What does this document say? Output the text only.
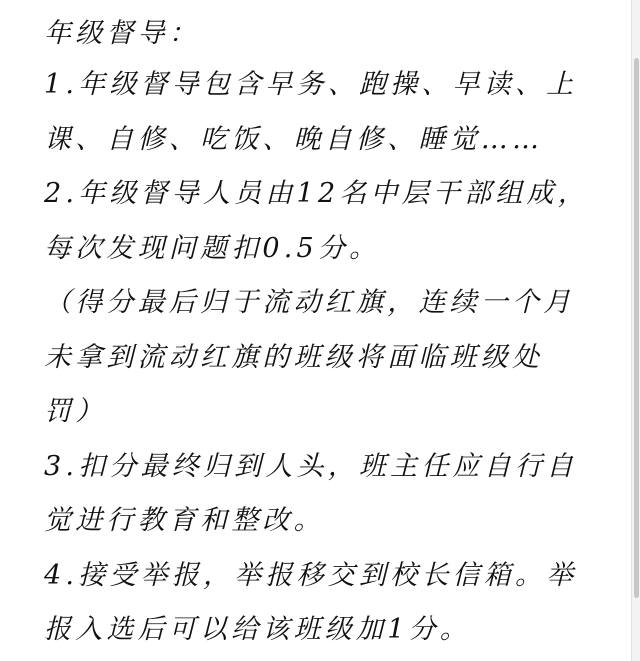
年级督导：
1.年级督导包含早务、跑操、早读、上
课、自修、吃饭、晚自修、睡觉……
2.年级督导人员由12名中层干部组成，
每次发现问题扣0.5分。
（得分最后归于流动红旗，连续一个月
未拿到流动红旗的班级将面临班级处
罚）
3.扣分最终归到人头，班主任应自行自
觉进行教育和整改。
4.接受举报，举报移交到校长信箱。举
报入选后可以给该班级加1分。
